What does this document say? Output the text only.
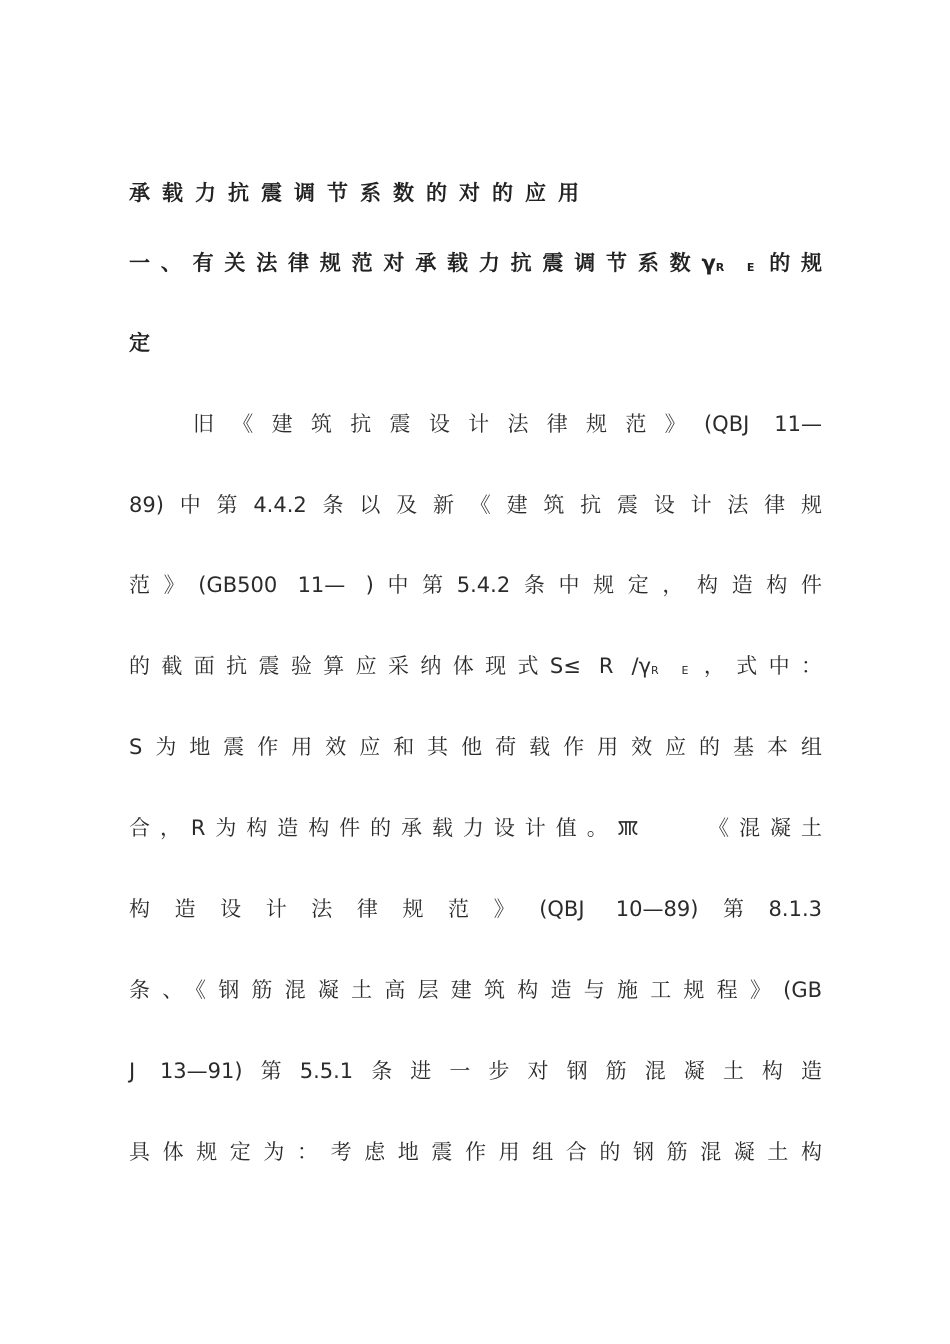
承载力抗震调节系数的对的应用
一、有关法律规范对承载力抗震调节系数γR E的规
定
旧《建筑抗震设计法律规范》(QBJ 11—
89)中第4.4.2条以及新《建筑抗震设计法律规
范》(GB500 11— )中第5.4.2条中规定，构造构件
的截面抗震验算应采纳体现式S≤ R /γR E，式中：
S为地震作用效应和其他荷载作用效应的基本组
合，R为构造构件的承载力设计值。ꯄ	《混凝土
构造设计法律规范》(QBJ 10—89)第8.1.3
条、《钢筋混凝土高层建筑构造与施工规程》(GB
J 13—91)第5.5.1条进一步对钢筋混凝土构造
具体规定为：考虑地震作用组合的钢筋混凝土构
